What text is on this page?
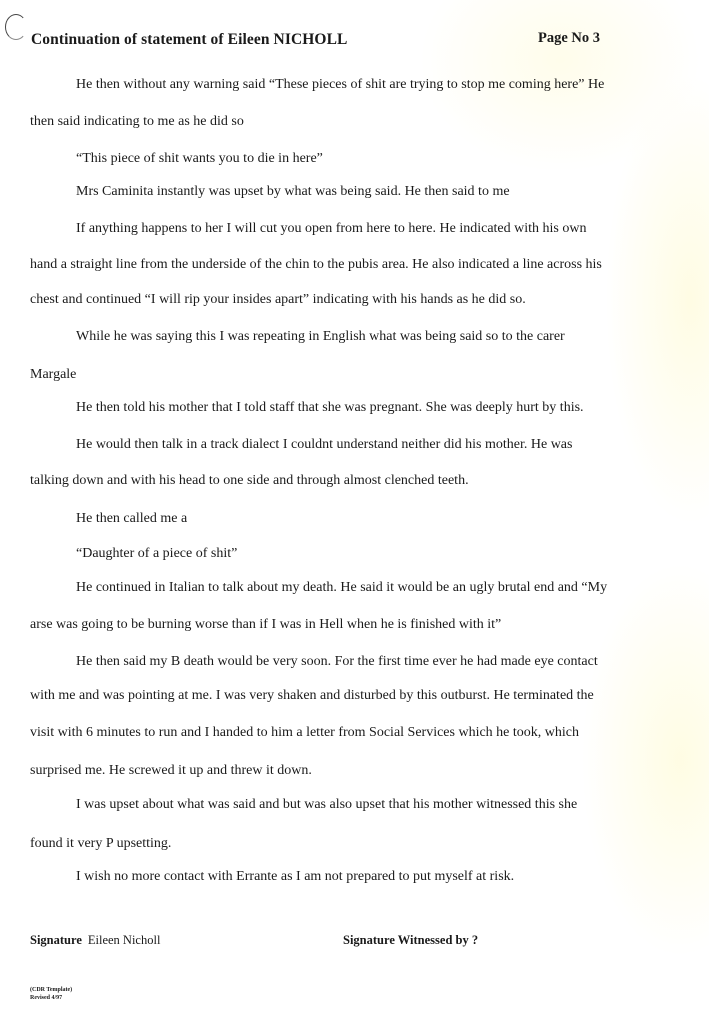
Continuation of statement of Eileen NICHOLL	Page No 3
He then without any warning said “These pieces of shit are trying to stop me coming here” He
then said indicating to me as he did so
“This piece of shit wants you to die in here”
Mrs Caminita instantly was upset by what was being said. He then said to me
If anything happens to her I will cut you open from here to here. He indicated with his own
hand a straight line from the underside of the chin to the pubis area. He also indicated a line across his
chest and continued “I will rip your insides apart” indicating with his hands as he did so.
While he was saying this I was repeating in English what was being said so to the carer
Margale
He then told his mother that I told staff that she was pregnant. She was deeply hurt by this.
He would then talk in a track dialect I couldnt understand neither did his mother. He was
talking down and with his head to one side and through almost clenched teeth.
He then called me a
“Daughter of a piece of shit”
He continued in Italian to talk about my death. He said it would be an ugly brutal end and “My
arse was going to be burning worse than if I was in Hell when he is finished with it”
He then said my B death would be very soon. For the first time ever he had made eye contact
with me and was pointing at me. I was very shaken and disturbed by this outburst. He terminated the
visit with 6 minutes to run and I handed to him a letter from Social Services which he took, which
surprised me. He screwed it up and threw it down.
I was upset about what was said and but was also upset that his mother witnessed this she
found it very P upsetting.
I wish no more contact with Errante as I am not prepared to put myself at risk.
Signature Eileen Nicholl	Signature Witnessed by ?
(CDR Template)
Revised 4/97
